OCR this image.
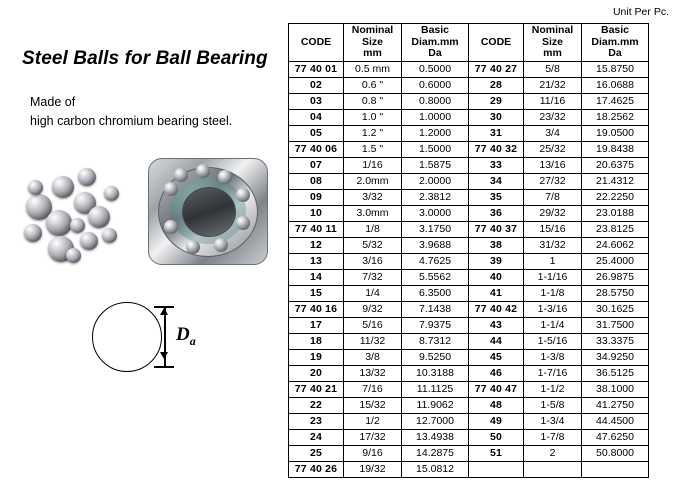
Steel Balls for Ball Bearing
Made of
high carbon chromium bearing steel.
$D_a$
Unit Per Pc.
CODE

Nominal
Size
mm

Basic
Diam.mm
Da

CODE

Nominal
Size
mm

Basic
Diam.mm
Da

77 40 01	0.5 mm	0.5000	77 40 27	5/8	15.8750
02	0.6 "	0.6000	28	21/32	16.0688
03	0.8 "	0.8000	29	11/16	17.4625
04	1.0 "	1.0000	30	23/32	18.2562
05	1.2 "	1.2000	31	3/4	19.0500
77 40 06	1.5 "	1.5000	77 40 32	25/32	19.8438
07	1/16	1.5875	33	13/16	20.6375
08	2.0mm	2.0000	34	27/32	21.4312
09	3/32	2.3812	35	7/8	22.2250
10	3.0mm	3.0000	36	29/32	23.0188
77 40 11	1/8	3.1750	77 40 37	15/16	23.8125
12	5/32	3.9688	38	31/32	24.6062
13	3/16	4.7625	39	1	25.4000
14	7/32	5.5562	40	1-1/16	26.9875
15	1/4	6.3500	41	1-1/8	28.5750
77 40 16	9/32	7.1438	77 40 42	1-3/16	30.1625
17	5/16	7.9375	43	1-1/4	31.7500
18	11/32	8.7312	44	1-5/16	33.3375
19	3/8	9.5250	45	1-3/8	34.9250
20	13/32	10.3188	46	1-7/16	36.5125
77 40 21	7/16	11.1125	77 40 47	1-1/2	38.1000
22	15/32	11.9062	48	1-5/8	41.2750
23	1/2	12.7000	49	1-3/4	44.4500
24	17/32	13.4938	50	1-7/8	47.6250
25	9/16	14.2875	51	2	50.8000
77 40 26	19/32	15.0812			
